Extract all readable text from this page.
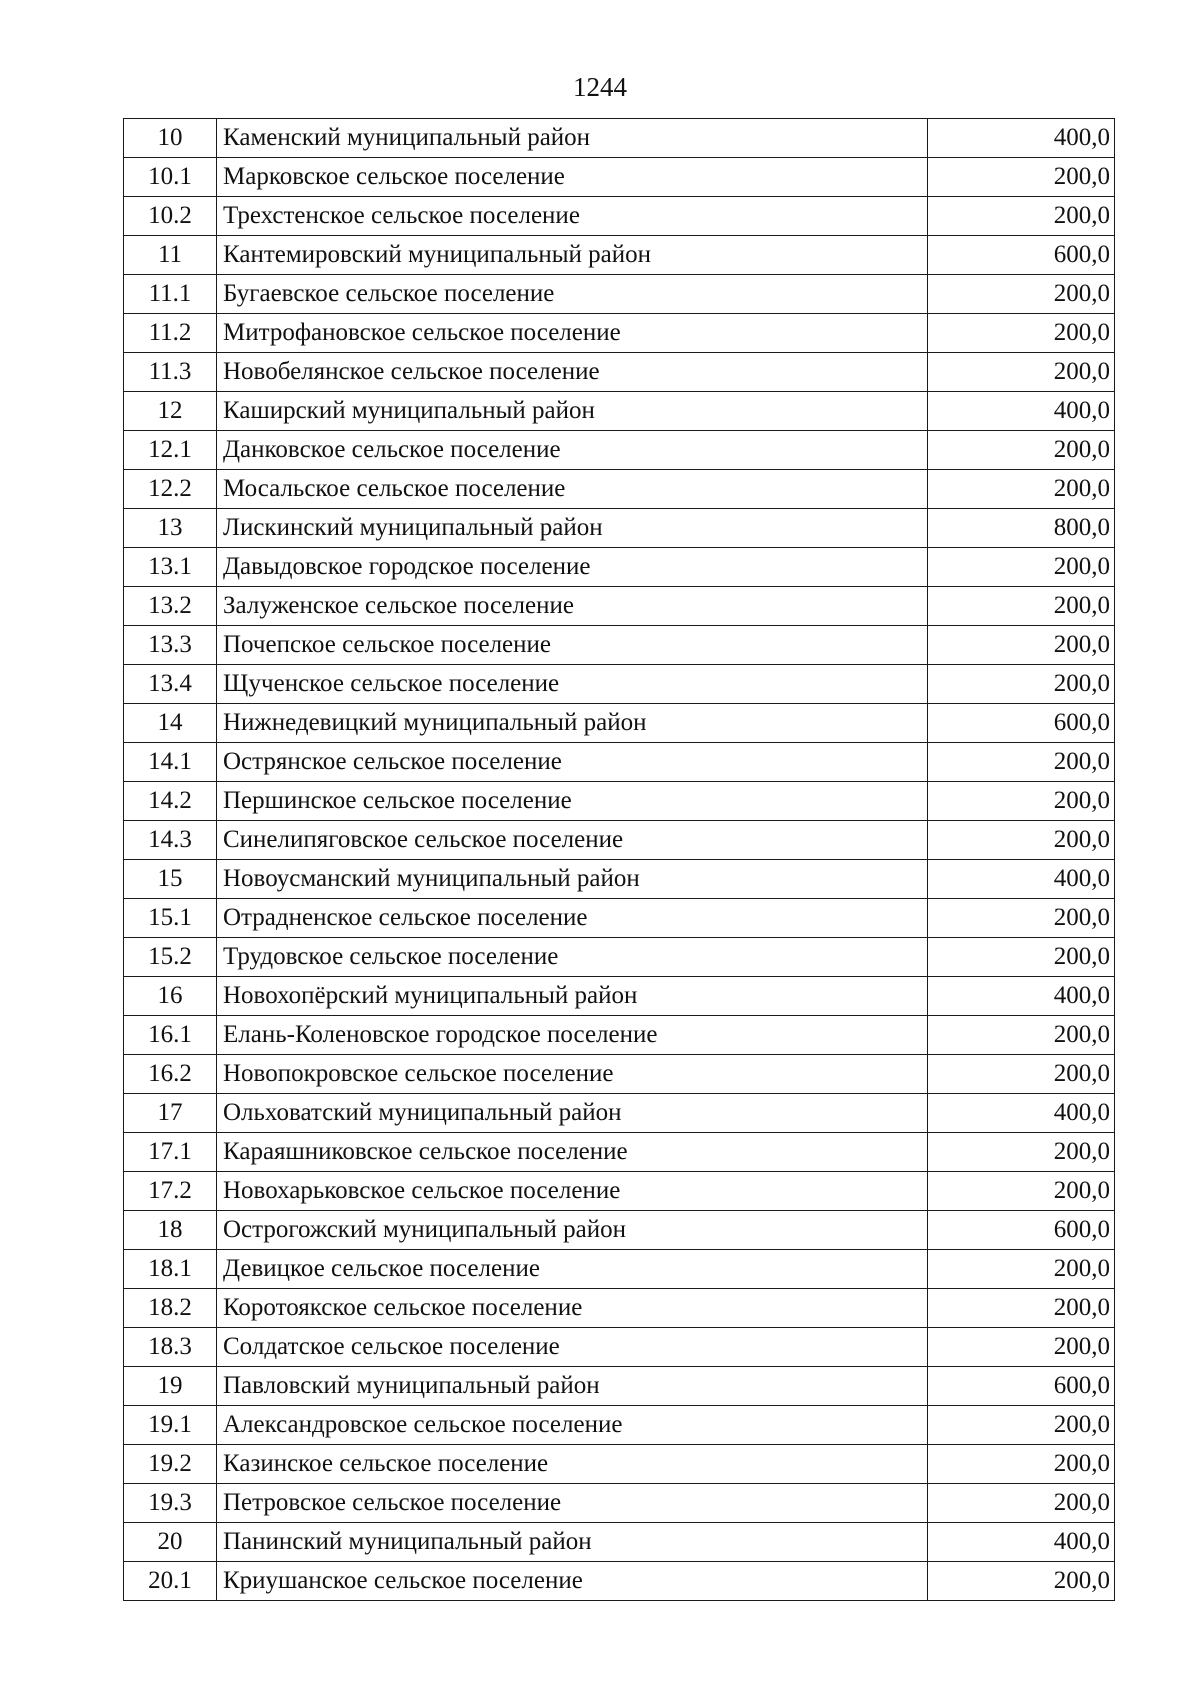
1244
10	Каменский муниципальный район	400,0
10.1	Марковское сельское поселение	200,0
10.2	Трехстенское сельское поселение	200,0
11	Кантемировский муниципальный район	600,0
11.1	Бугаевское сельское поселение	200,0
11.2	Митрофановское сельское поселение	200,0
11.3	Новобелянское сельское поселение	200,0
12	Каширский муниципальный район	400,0
12.1	Данковское сельское поселение	200,0
12.2	Мосальское сельское поселение	200,0
13	Лискинский муниципальный район	800,0
13.1	Давыдовское городское поселение	200,0
13.2	Залуженское сельское поселение	200,0
13.3	Почепское сельское поселение	200,0
13.4	Щученское сельское поселение	200,0
14	Нижнедевицкий муниципальный район	600,0
14.1	Острянское сельское поселение	200,0
14.2	Першинское сельское поселение	200,0
14.3	Синелипяговское сельское поселение	200,0
15	Новоусманский муниципальный район	400,0
15.1	Отрадненское сельское поселение	200,0
15.2	Трудовское сельское поселение	200,0
16	Новохопёрский муниципальный район	400,0
16.1	Елань-Коленовское городское поселение	200,0
16.2	Новопокровское сельское поселение	200,0
17	Ольховатский муниципальный район	400,0
17.1	Караяшниковское сельское поселение	200,0
17.2	Новохарьковское сельское поселение	200,0
18	Острогожский муниципальный район	600,0
18.1	Девицкое сельское поселение	200,0
18.2	Коротоякское сельское поселение	200,0
18.3	Солдатское сельское поселение	200,0
19	Павловский муниципальный район	600,0
19.1	Александровское сельское поселение	200,0
19.2	Казинское сельское поселение	200,0
19.3	Петровское сельское поселение	200,0
20	Панинский муниципальный район	400,0
20.1	Криушанское сельское поселение	200,0
